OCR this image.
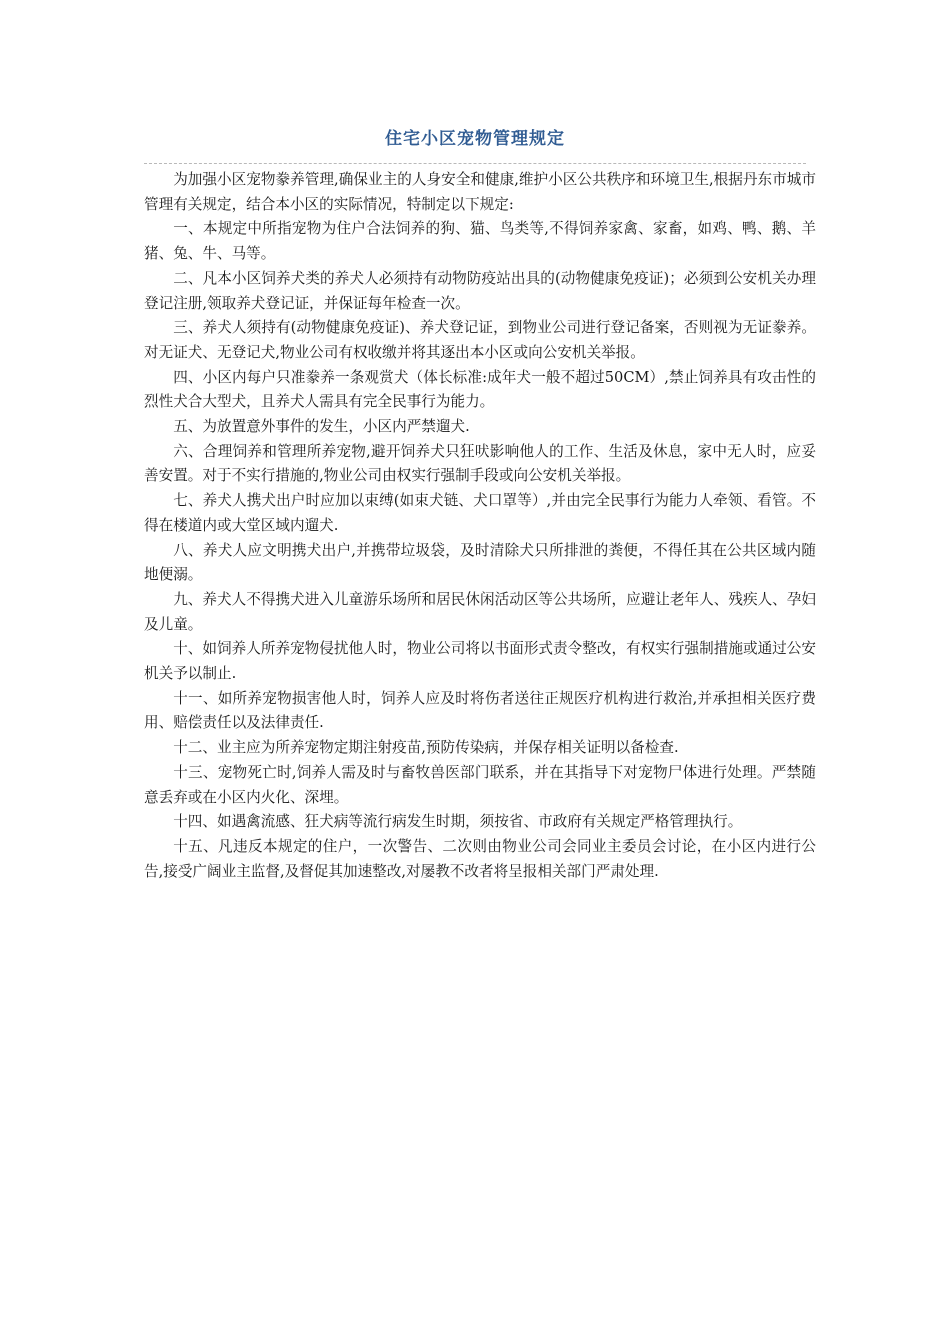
住宅小区宠物管理规定

为加强小区宠物豢养管理,确保业主的人身安全和健康,维护小区公共秩序和环境卫生,根据丹东市城市管理有关规定，结合本小区的实际情况，特制定以下规定:

一、本规定中所指宠物为住户合法饲养的狗、猫、鸟类等,不得饲养家禽、家畜，如鸡、鸭、鹅、羊猪、兔、牛、马等。

二、凡本小区饲养犬类的养犬人必须持有动物防疫站出具的(动物健康免疫证)；必须到公安机关办理登记注册,领取养犬登记证，并保证每年检查一次。

三、养犬人须持有(动物健康免疫证)、养犬登记证，到物业公司进行登记备案，否则视为无证豢养。对无证犬、无登记犬,物业公司有权收缴并将其逐出本小区或向公安机关举报。

四、小区内每户只准豢养一条观赏犬（体长标准:成年犬一般不超过50CM）,禁止饲养具有攻击性的烈性犬合大型犬，且养犬人需具有完全民事行为能力。

五、为放置意外事件的发生，小区内严禁遛犬.

六、合理饲养和管理所养宠物,避开饲养犬只狂吠影响他人的工作、生活及休息，家中无人时，应妥善安置。对于不实行措施的,物业公司由权实行强制手段或向公安机关举报。

七、养犬人携犬出户时应加以束缚(如束犬链、犬口罩等）,并由完全民事行为能力人牵领、看管。不得在楼道内或大堂区域内遛犬.

八、养犬人应文明携犬出户,并携带垃圾袋，及时清除犬只所排泄的粪便，不得任其在公共区域内随地便溺。

九、养犬人不得携犬进入儿童游乐场所和居民休闲活动区等公共场所，应避让老年人、残疾人、孕妇及儿童。

十、如饲养人所养宠物侵扰他人时，物业公司将以书面形式责令整改，有权实行强制措施或通过公安机关予以制止.

十一、如所养宠物损害他人时，饲养人应及时将伤者送往正规医疗机构进行救治,并承担相关医疗费用、赔偿责任以及法律责任.

十二、业主应为所养宠物定期注射疫苗,预防传染病，并保存相关证明以备检查.

十三、宠物死亡时,饲养人需及时与畜牧兽医部门联系，并在其指导下对宠物尸体进行处理。严禁随意丢弃或在小区内火化、深埋。

十四、如遇禽流感、狂犬病等流行病发生时期，须按省、市政府有关规定严格管理执行。

十五、凡违反本规定的住户，一次警告、二次则由物业公司会同业主委员会讨论，在小区内进行公告,接受广阔业主监督,及督促其加速整改,对屡教不改者将呈报相关部门严肃处理.
